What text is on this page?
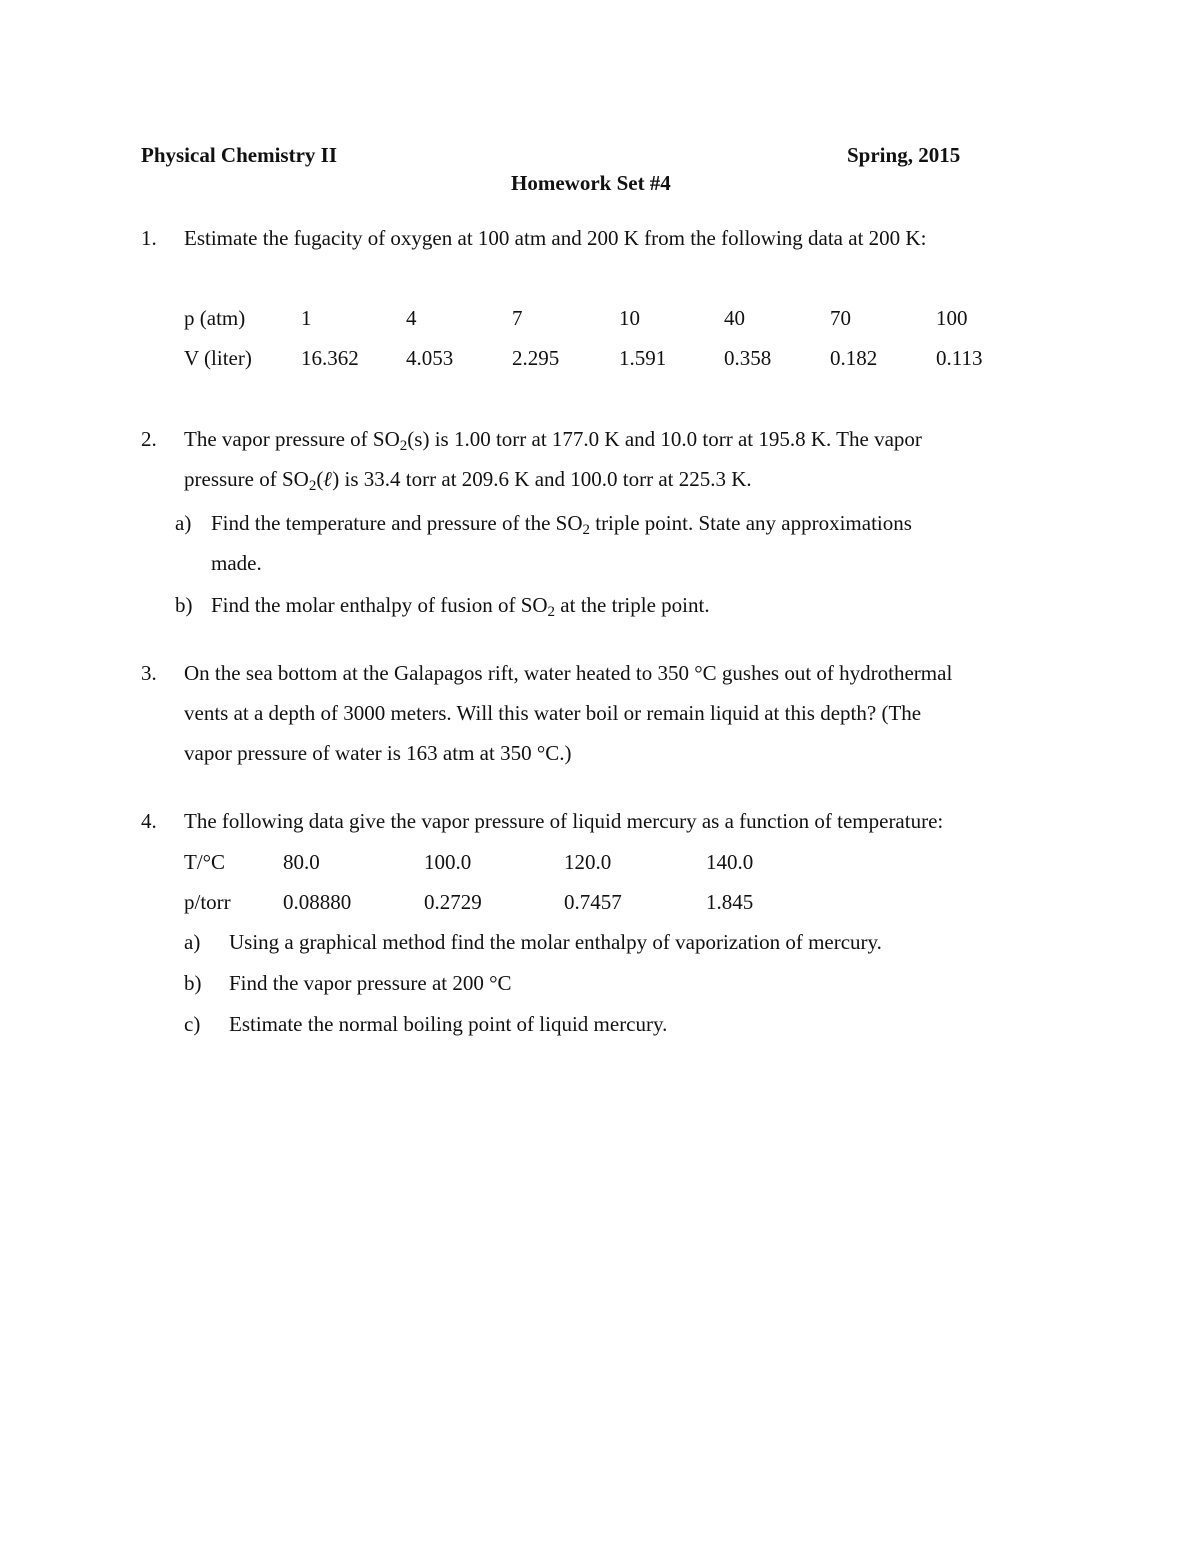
Physical Chemistry II	Spring, 2015
Homework Set #4
1. Estimate the fugacity of oxygen at 100 atm and 200 K from the following data at 200 K:
p (atm)	1	4	7	10	40	70	100
V (liter) 16.362 4.053	2.295	1.591	0.358	0.182	0.113
2. The vapor pressure of $SO_2(s)$ is 1.00 torr at 177.0 K and 10.0 torr at 195.8 K. The vapor
pressure of $SO_2(\ell)$ is 33.4 torr at 209.6 K and 100.0 torr at 225.3 K.
a) Find the temperature and pressure of the $SO_2$ triple point. State any approximations
made.
b) Find the molar enthalpy of fusion of $SO_2$ at the triple point.
3. On the sea bottom at the Galapagos rift, water heated to 350 °C gushes out of hydrothermal
vents at a depth of 3000 meters. Will this water boil or remain liquid at this depth? (The
vapor pressure of water is 163 atm at 350 °C.)
4. The following data give the vapor pressure of liquid mercury as a function of temperature:
T/°C	80.0	100.0	120.0	140.0
p/torr 0.08880	0.2729	0.7457	1.845
a) Using a graphical method find the molar enthalpy of vaporization of mercury.
b) Find the vapor pressure at 200 °C
c) Estimate the normal boiling point of liquid mercury.
